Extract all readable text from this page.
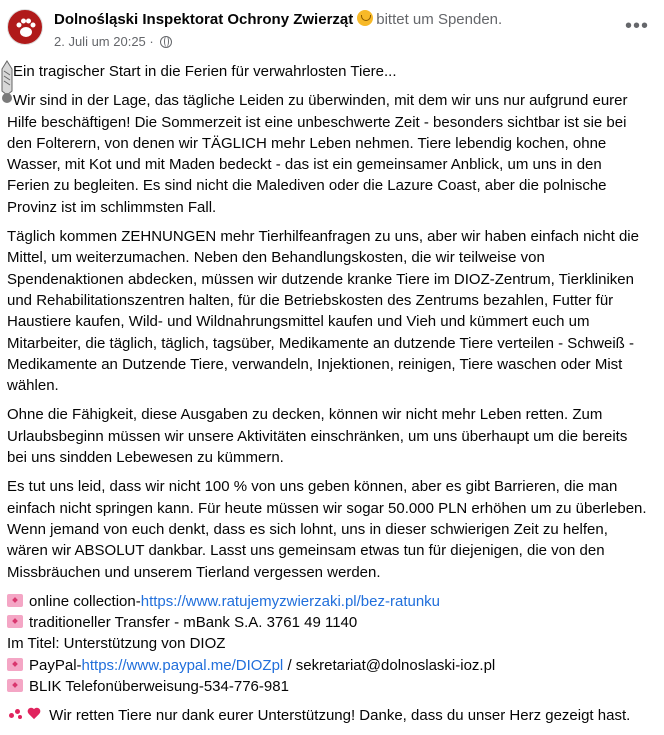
Dolnośląski Inspektorat Ochrony Zwierząt bittet um Spenden.
2. Juli um 20:25 ·
•••
Ein tragischer Start in die Ferien für verwahrlosten Tiere...
Wir sind in der Lage, das tägliche Leiden zu überwinden, mit dem wir uns nur aufgrund eurer
Hilfe beschäftigen! Die Sommerzeit ist eine unbeschwerte Zeit - besonders sichtbar ist sie bei
den Folterern, von denen wir TÄGLICH mehr Leben nehmen. Tiere lebendig kochen, ohne
Wasser, mit Kot und mit Maden bedeckt - das ist ein gemeinsamer Anblick, um uns in den
Ferien zu begleiten. Es sind nicht die Malediven oder die Lazure Coast, aber die polnische
Provinz ist im schlimmsten Fall.
Täglich kommen ZEHNUNGEN mehr Tierhilfeanfragen zu uns, aber wir haben einfach nicht die
Mittel, um weiterzumachen. Neben den Behandlungskosten, die wir teilweise von
Spendenaktionen abdecken, müssen wir dutzende kranke Tiere im DIOZ-Zentrum, Tierkliniken
und Rehabilitationszentren halten, für die Betriebskosten des Zentrums bezahlen, Futter für
Haustiere kaufen, Wild- und Wildnahrungsmittel kaufen und Vieh und kümmert euch um
Mitarbeiter, die täglich, täglich, tagsüber, Medikamente an dutzende Tiere verteilen - Schweiß -
Medikamente an Dutzende Tiere, verwandeln, Injektionen, reinigen, Tiere waschen oder Mist
wählen.
Ohne die Fähigkeit, diese Ausgaben zu decken, können wir nicht mehr Leben retten. Zum
Urlaubsbeginn müssen wir unsere Aktivitäten einschränken, um uns überhaupt um die bereits
bei uns sindden Lebewesen zu kümmern.
Es tut uns leid, dass wir nicht 100 % von uns geben können, aber es gibt Barrieren, die man
einfach nicht springen kann. Für heute müssen wir sogar 50.000 PLN erhöhen um zu überleben.
Wenn jemand von euch denkt, dass es sich lohnt, uns in dieser schwierigen Zeit zu helfen,
wären wir ABSOLUT dankbar. Lasst uns gemeinsam etwas tun für diejenigen, die von den
Missbräuchen und unserem Tierland vergessen werden.
online collection-https://www.ratujemyzwierzaki.pl/bez-ratunku
traditioneller Transfer - mBank S.A. 3761 49 1140
Im Titel: Unterstützung von DIOZ
PayPal-https://www.paypal.me/DIOZpl / sekretariat@dolnoslaski-ioz.pl
BLIK Telefonüberweisung-534-776-981
Wir retten Tiere nur dank eurer Unterstützung! Danke, dass du unser Herz gezeigt hast.
